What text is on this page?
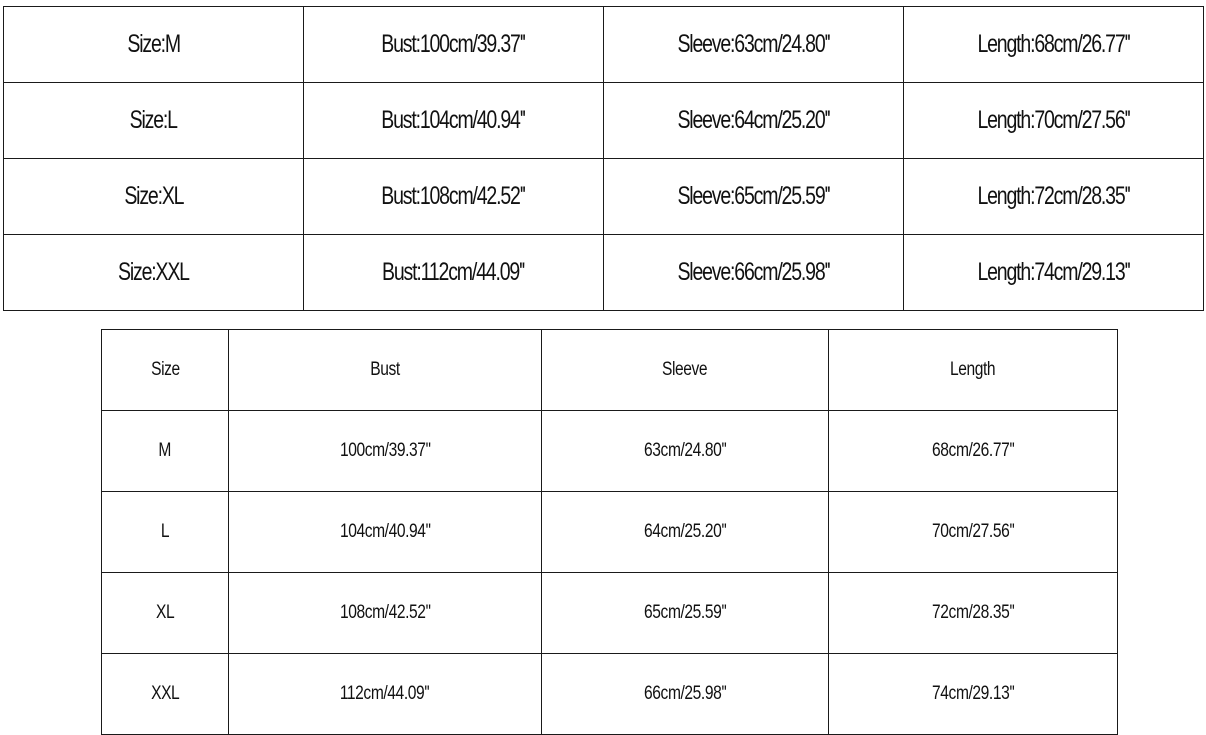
Size:M	Bust:100cm/39.37''	Sleeve:63cm/24.80''	Length:68cm/26.77''
Size:L	Bust:104cm/40.94''	Sleeve:64cm/25.20''	Length:70cm/27.56''
Size:XL	Bust:108cm/42.52''	Sleeve:65cm/25.59''	Length:72cm/28.35''
Size:XXL	Bust:112cm/44.09''	Sleeve:66cm/25.98''	Length:74cm/29.13''
Size	Bust	Sleeve	Length
M	100cm/39.37''	63cm/24.80''	68cm/26.77''
L	104cm/40.94''	64cm/25.20''	70cm/27.56''
XL	108cm/42.52''	65cm/25.59''	72cm/28.35''
XXL	112cm/44.09''	66cm/25.98''	74cm/29.13''
